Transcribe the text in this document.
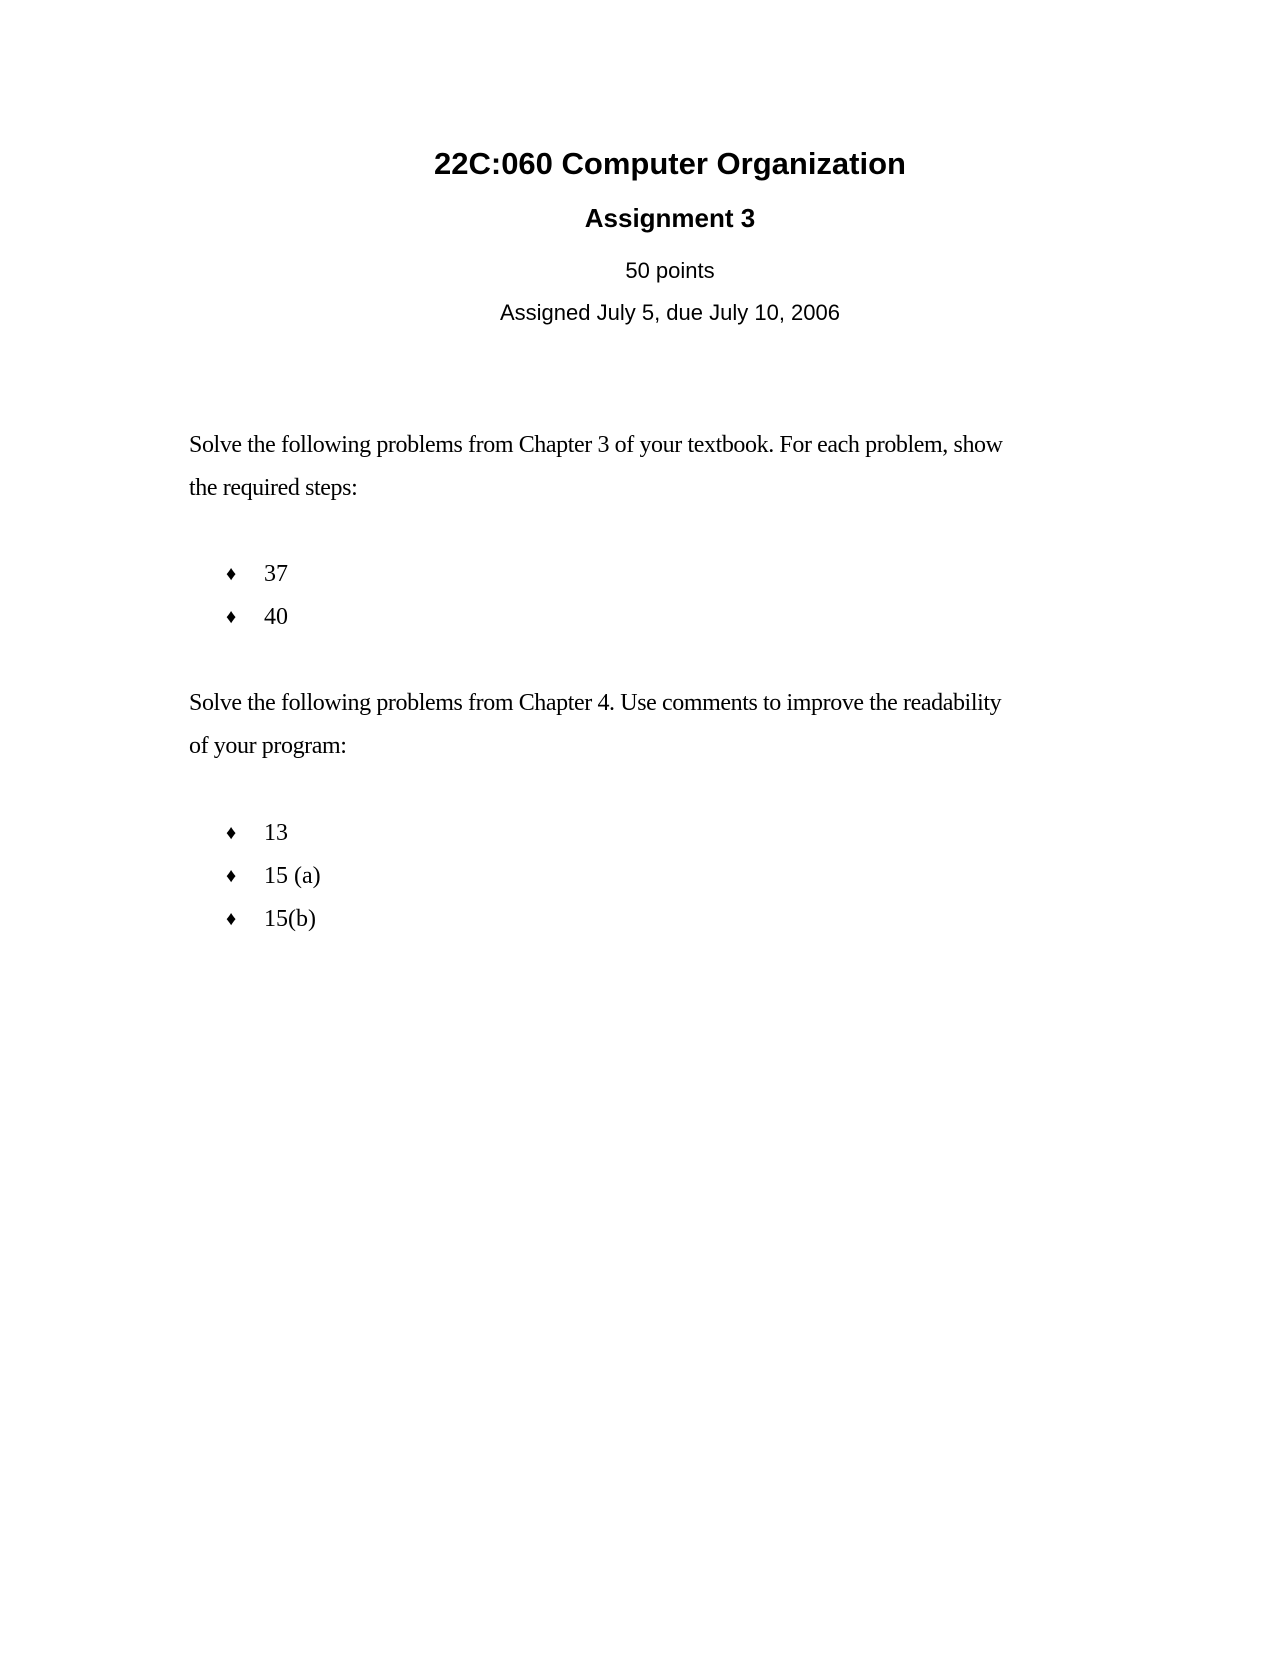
22C:060 Computer Organization
Assignment 3
50 points
Assigned July 5, due July 10, 2006
Solve the following problems from Chapter 3 of your textbook. For each problem, show
the required steps:
♦	37
♦	40
Solve the following problems from Chapter 4. Use comments to improve the readability
of your program:
♦	13
♦	15 (a)
♦	15(b)
